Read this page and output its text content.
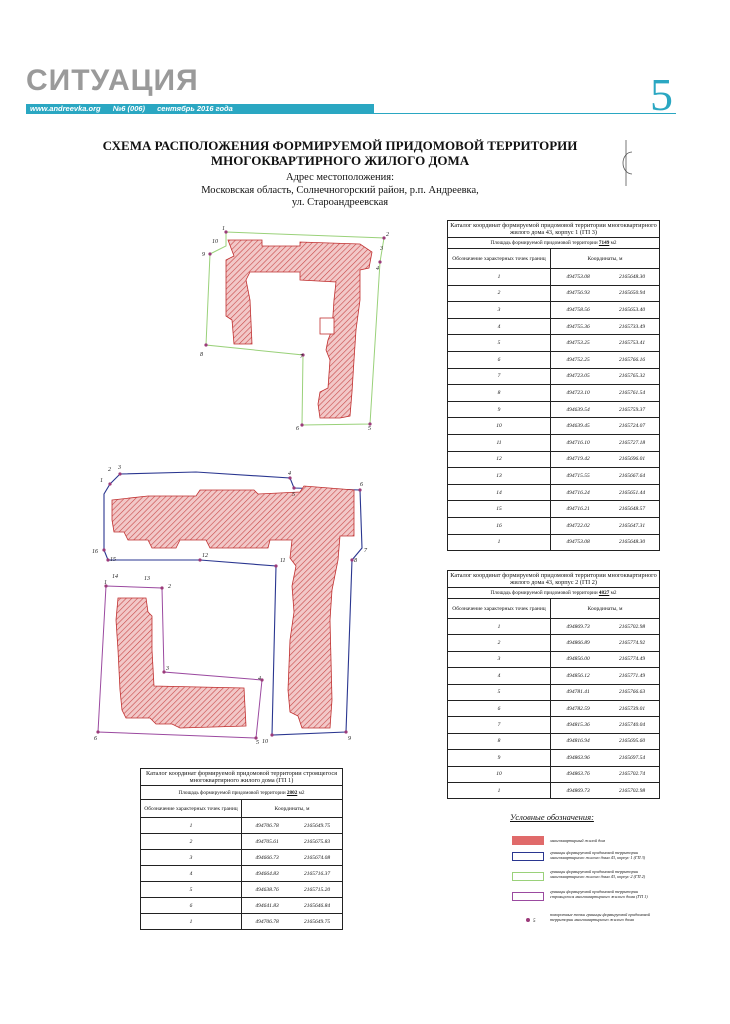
СИТУАЦИЯ
www.andreevka.org №6 (006) сентябрь 2016 года	5
СХЕМА РАСПОЛОЖЕНИЯ ФОРМИРУЕМОЙ ПРИДОМОВОЙ ТЕРРИТОРИИ
МНОГОКВАРТИРНОГО ЖИЛОГО ДОМА
Адрес местоположения:
Московская область, Солнечногорский район, р.п. Андреевка,
ул. Староандреевская
1
2
3
4
5
6
7
8
9
10
1
2 3
4
5
6
7
8
9
10
11
12
13
14
15
16
1
2
3
4
5
6
Каталог координат формируемой придомовой территории многоквартирного жилого дома 43, корпус 1 (ГП 3)	
Площадь формируемой придомовой территории 7149 м2	
Обозначение характерных точек границ	Координаты, м
1	494753.08 2165648.30

2	494756.93 2165650.94

3	494758.56 2165653.40

4	494755.36 2165733.49

5	494753.25 2165753.41

6	494752.25 2165766.16

7	494723.05 2165765.32

8	494723.10 2165761.54

9	494639.54 2165759.37

10	494639.45 2165724.07

11	494716.10 2165727.18

12	494719.42 2165696.01

13	494715.55 2165667.64

14	494716.24 2165651.44

15	494716.21 2165648.57

16	494722.02 2165647.31

1	494753.08 2165648.30
Каталог координат формируемой придомовой территории многоквартирного жилого дома 43, корпус 2 (ГП 2)	
Площадь формируемой придомовой территории 4827 м2	
Обозначение характерных точек границ	Координаты, м
1	494869.73 2165702.98

2	494866.89 2165774.92

3	494856.00 2165774.49

4	494856.12 2165771.49

5	494781.41 2165766.63

6	494782.59 2165739.01

7	494815.36 2165740.04

8	494816.94 2165695.60

9	494863.96 2165697.54

10	494863.76 2165702.74

1	494869.73 2165702.98
Каталог координат формируемой придомовой территории строящегося многоквартирного жилого дома (ГП 1)	
Площадь формируемой придомовой территории 2802 м2	
Обозначение характерных точек границ	Координаты, м
1	494706.78 2165649.75

2	494705.61 2165675.83

3	494666.73 2165674.08

4	494664.83 2165716.37

5	494638.76 2165715.20

6	494641.83 2165646.84

1	494706.78 2165649.75
Условные обозначения:
5
многоквартирный жилой дом
границы формируемой придомовой территории многоквартирного жилого дома 43, корпус 1 (ГП 3)
границы формируемой придомовой территории многоквартирного жилого дома 43, корпус 2 (ГП 2)
границы формируемой придомовой территории строящегося многоквартирного жилого дома (ГП 1)
поворотные точки границы формируемой придомовой территории многоквартирного жилого дома
